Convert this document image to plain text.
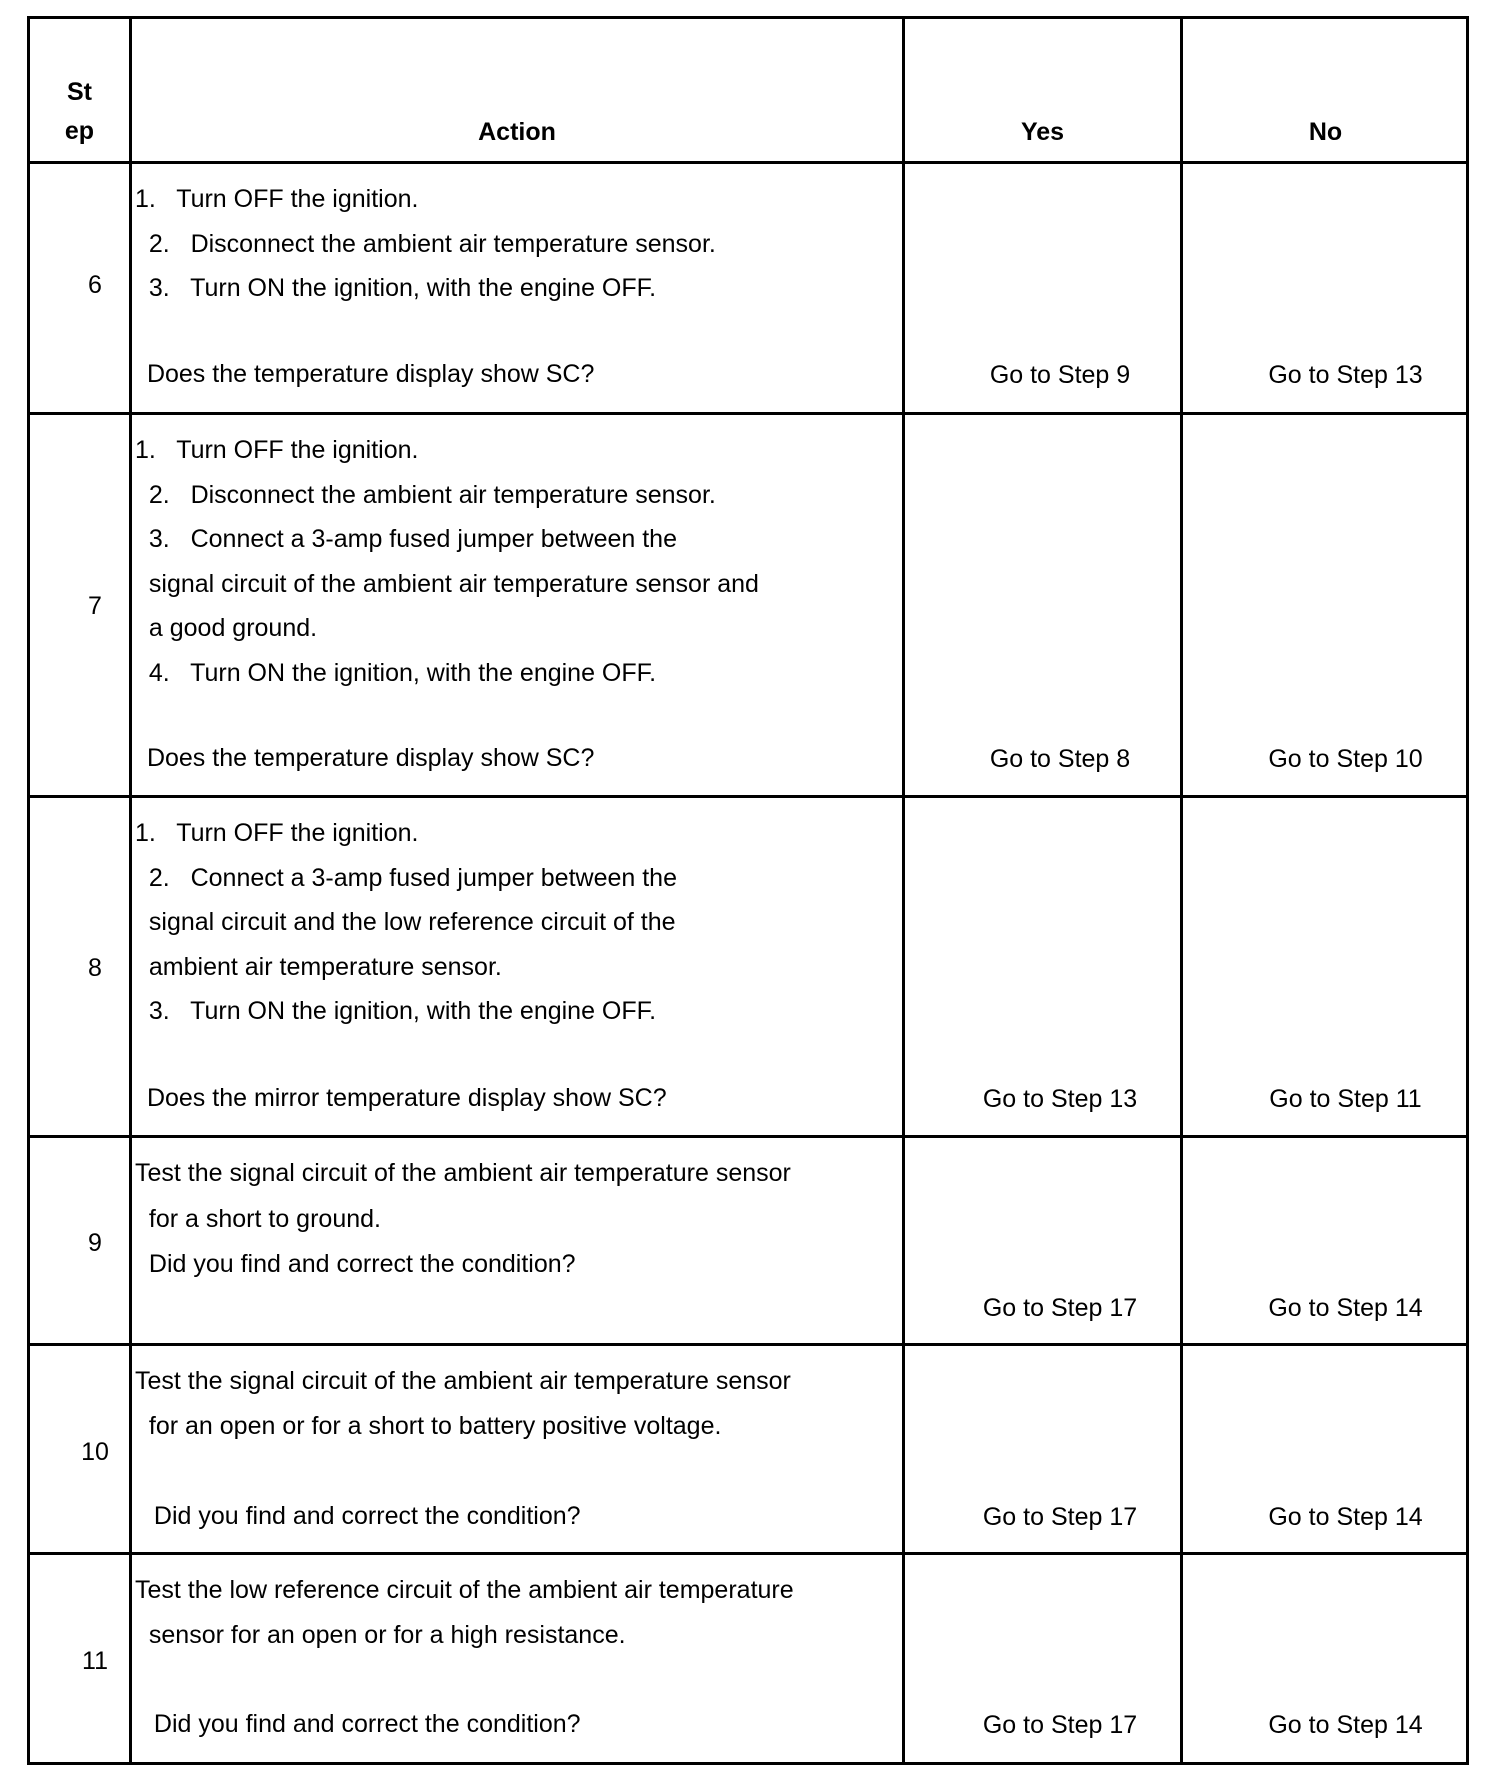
St
ep	Action	Yes	No
6
1.   Turn OFF the ignition.
2.   Disconnect the ambient air temperature sensor.
3.   Turn ON the ignition, with the engine OFF.
Does the temperature display show SC?	Go to Step 9	Go to Step 13
7
1.   Turn OFF the ignition.
2.   Disconnect the ambient air temperature sensor.
3.   Connect a 3-amp fused jumper between the
signal circuit of the ambient air temperature sensor and
a good ground.
4.   Turn ON the ignition, with the engine OFF.
Does the temperature display show SC?	Go to Step 8	Go to Step 10
8
1.   Turn OFF the ignition.
2.   Connect a 3-amp fused jumper between the
signal circuit and the low reference circuit of the
ambient air temperature sensor.
3.   Turn ON the ignition, with the engine OFF.
Does the mirror temperature display show SC?	Go to Step 13	Go to Step 11
9
Test the signal circuit of the ambient air temperature sensor
for a short to ground.
Did you find and correct the condition?
Go to Step 17	Go to Step 14
10
Test the signal circuit of the ambient air temperature sensor
for an open or for a short to battery positive voltage.
Did you find and correct the condition?	Go to Step 17	Go to Step 14
11
Test the low reference circuit of the ambient air temperature
sensor for an open or for a high resistance.
Did you find and correct the condition?	Go to Step 17	Go to Step 14
